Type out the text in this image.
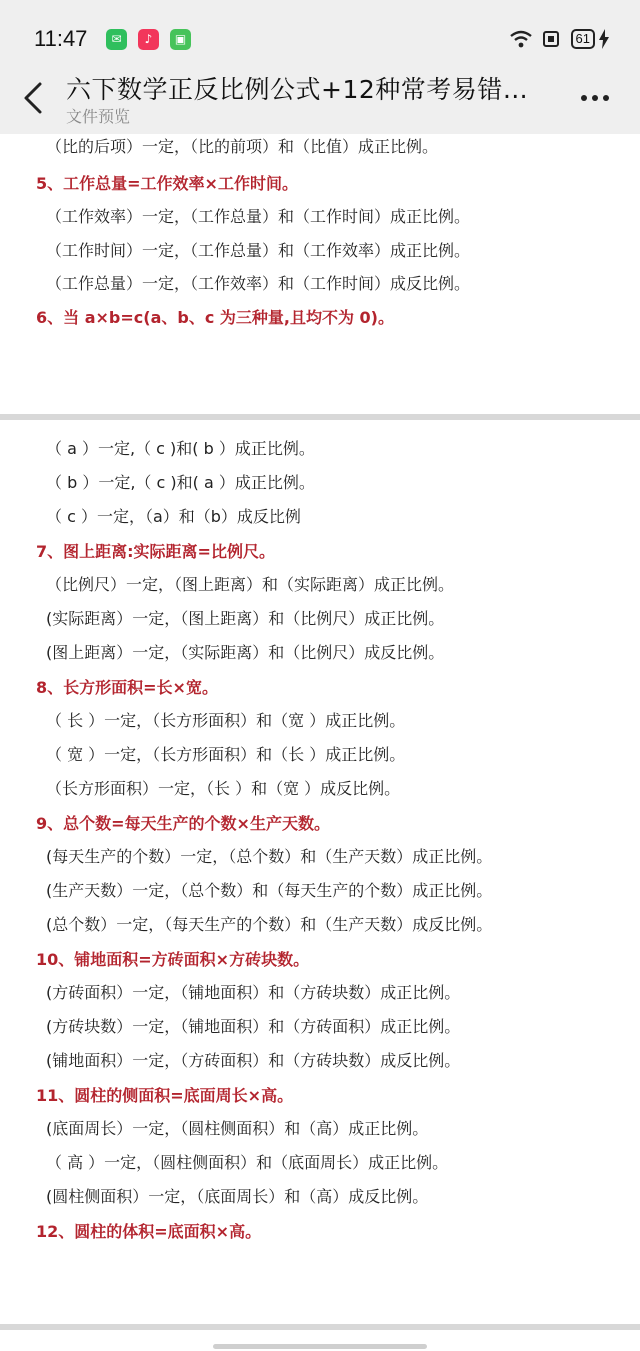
11:47	✉	♪	▣	61
六下数学正反比例公式+12种常考易错…
文件预览
（比的后项）一定，（比的前项）和（比值）成正比例。
5、工作总量=工作效率×工作时间。
（工作效率）一定，（工作总量）和（工作时间）成正比例。
（工作时间）一定，（工作总量）和（工作效率）成正比例。
（工作总量）一定，（工作效率）和（工作时间）成反比例。
6、当 a×b=c(a、b、c 为三种量,且均不为 0)。
（ a ）一定,（ c )和( b ）成正比例。
（ b ）一定,（ c )和( a ）成正比例。
（ c ）一定，（a）和（b）成反比例
7、图上距离:实际距离=比例尺。
（比例尺）一定，（图上距离）和（实际距离）成正比例。
(实际距离）一定，（图上距离）和（比例尺）成正比例。
(图上距离）一定，（实际距离）和（比例尺）成反比例。
8、长方形面积=长×宽。
（ 长 ）一定，（长方形面积）和（宽 ）成正比例。
（ 宽 ）一定，（长方形面积）和（长 ）成正比例。
（长方形面积）一定，（长 ）和（宽 ）成反比例。
9、总个数=每天生产的个数×生产天数。
(每天生产的个数）一定，（总个数）和（生产天数）成正比例。
(生产天数）一定，（总个数）和（每天生产的个数）成正比例。
(总个数）一定，（每天生产的个数）和（生产天数）成反比例。
10、铺地面积=方砖面积×方砖块数。
(方砖面积）一定，（铺地面积）和（方砖块数）成正比例。
(方砖块数）一定，（铺地面积）和（方砖面积）成正比例。
(铺地面积）一定，（方砖面积）和（方砖块数）成反比例。
11、圆柱的侧面积=底面周长×高。
(底面周长）一定，（圆柱侧面积）和（高）成正比例。
（ 高 ）一定，（圆柱侧面积）和（底面周长）成正比例。
(圆柱侧面积）一定，（底面周长）和（高）成反比例。
12、圆柱的体积=底面积×高。
